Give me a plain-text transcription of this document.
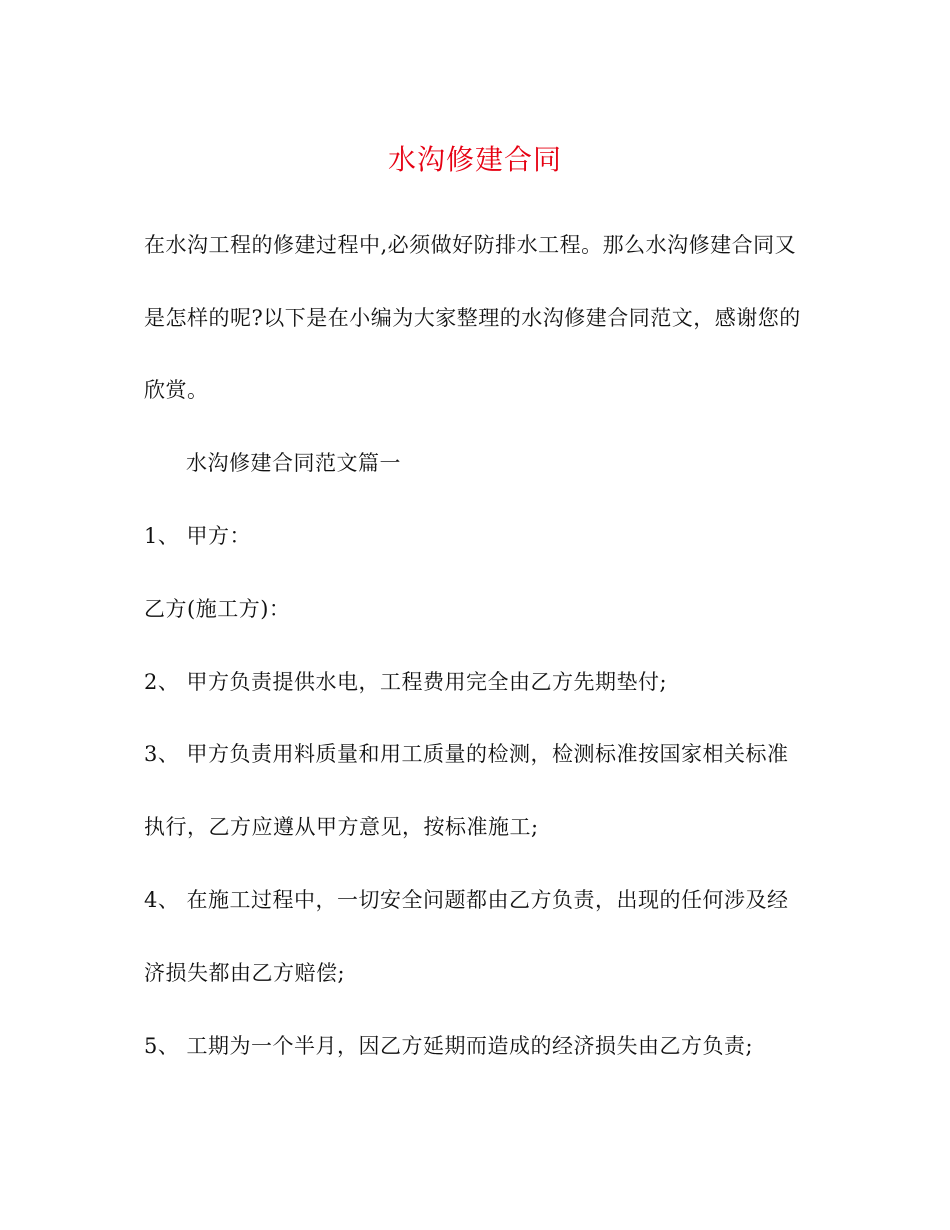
水沟修建合同
在水沟工程的修建过程中,必须做好防排水工程。那么水沟修建合同又
是怎样的呢?以下是在小编为大家整理的水沟修建合同范文，感谢您的
欣赏。
水沟修建合同范文篇一
1、 甲方：
乙方(施工方)：
2、 甲方负责提供水电，工程费用完全由乙方先期垫付;
3、 甲方负责用料质量和用工质量的检测，检测标准按国家相关标准
执行，乙方应遵从甲方意见，按标准施工;
4、 在施工过程中，一切安全问题都由乙方负责，出现的任何涉及经
济损失都由乙方赔偿;
5、 工期为一个半月，因乙方延期而造成的经济损失由乙方负责;
